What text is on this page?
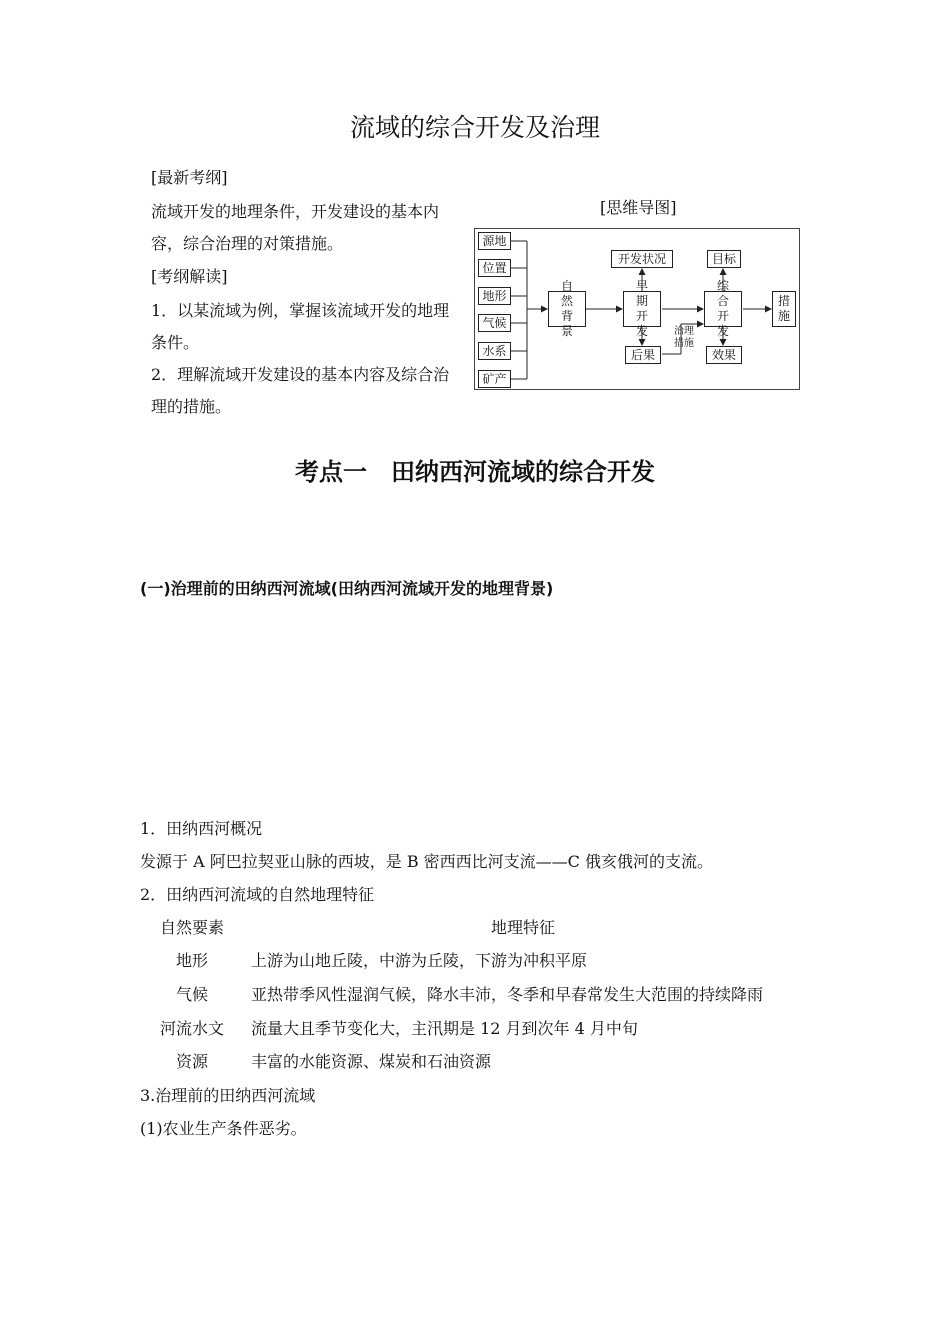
流域的综合开发及治理
[最新考纲]
流域开发的地理条件，开发建设的基本内
容，综合治理的对策措施。
[考纲解读]
1．以某流域为例，掌握该流域开发的地理
条件。
2．理解流域开发建设的基本内容及综合治
理的措施。
[思维导图]
源地
位置
地形
气候
水系
矿产
自然背景
开发状况
早期开发
后果
治理措施
目标
综合开发
效果
措施
考点一　田纳西河流域的综合开发
(一)治理前的田纳西河流域(田纳西河流域开发的地理背景)
1．田纳西河概况
发源于 A 阿巴拉契亚山脉的西坡，是 B 密西西比河支流——C 俄亥俄河的支流。
2．田纳西河流域的自然地理特征
自然要素	地理特征
地形	上游为山地丘陵，中游为丘陵，下游为冲积平原
气候	亚热带季风性湿润气候，降水丰沛，冬季和早春常发生大范围的持续降雨
河流水文 流量大且季节变化大，主汛期是 12 月到次年 4 月中旬
资源	丰富的水能资源、煤炭和石油资源
3.治理前的田纳西河流域
(1)农业生产条件恶劣。
